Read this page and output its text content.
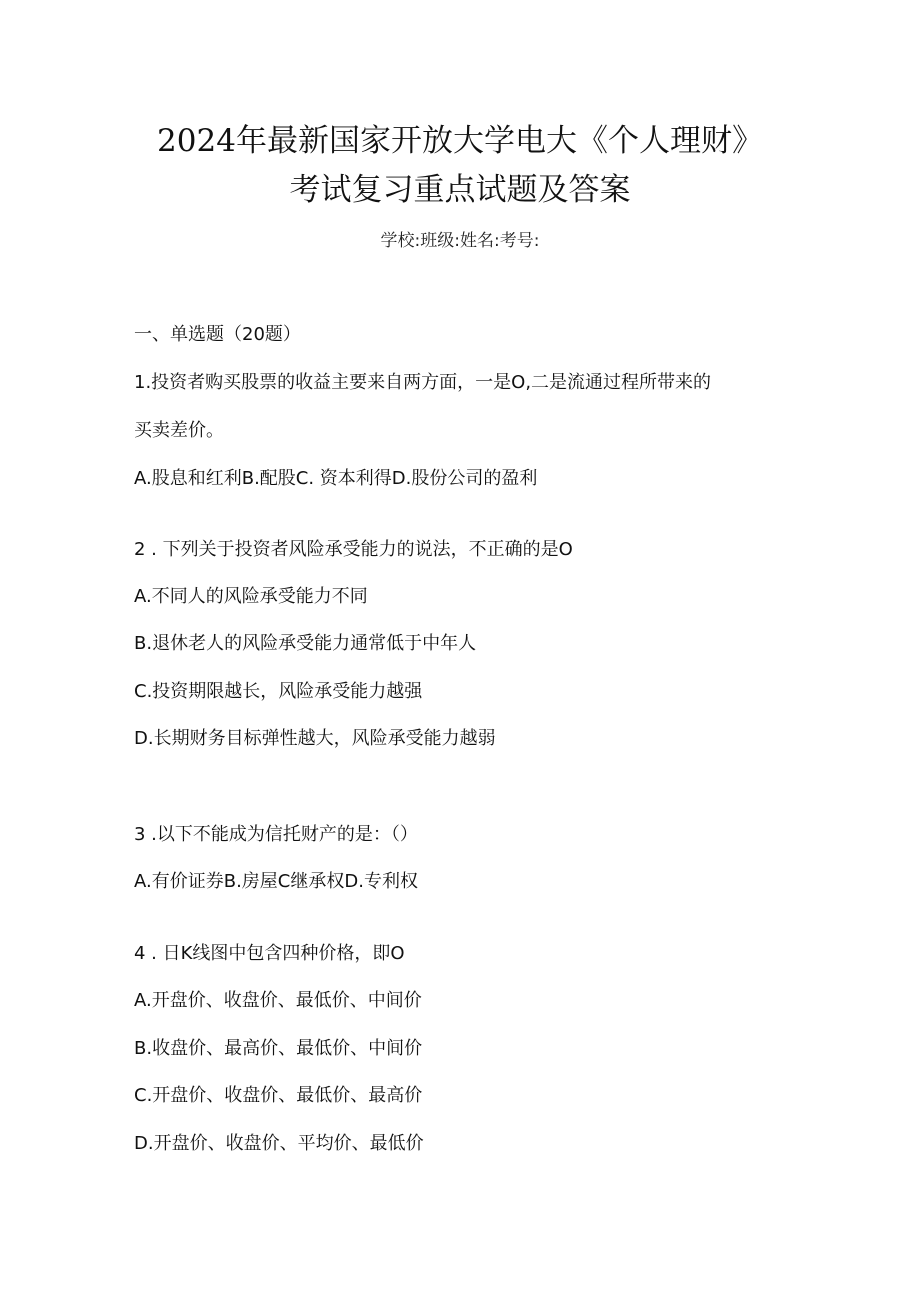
2024年最新国家开放大学电大《个人理财》
考试复习重点试题及答案
学校:班级:姓名:考号:
一、单选题（20题）
1.投资者购买股票的收益主要来自两方面，一是O,二是流通过程所带来的
买卖差价。
A.股息和红利B.配股C. 资本利得D.股份公司的盈利
2 . 下列关于投资者风险承受能力的说法，不正确的是O
A.不同人的风险承受能力不同
B.退休老人的风险承受能力通常低于中年人
C.投资期限越长，风险承受能力越强
D.长期财务目标弹性越大，风险承受能力越弱
3 .以下不能成为信托财产的是：（）
A.有价证券B.房屋C继承权D.专利权
4 . 日K线图中包含四种价格，即O
A.开盘价、收盘价、最低价、中间价
B.收盘价、最高价、最低价、中间价
C.开盘价、收盘价、最低价、最高价
D.开盘价、收盘价、平均价、最低价
